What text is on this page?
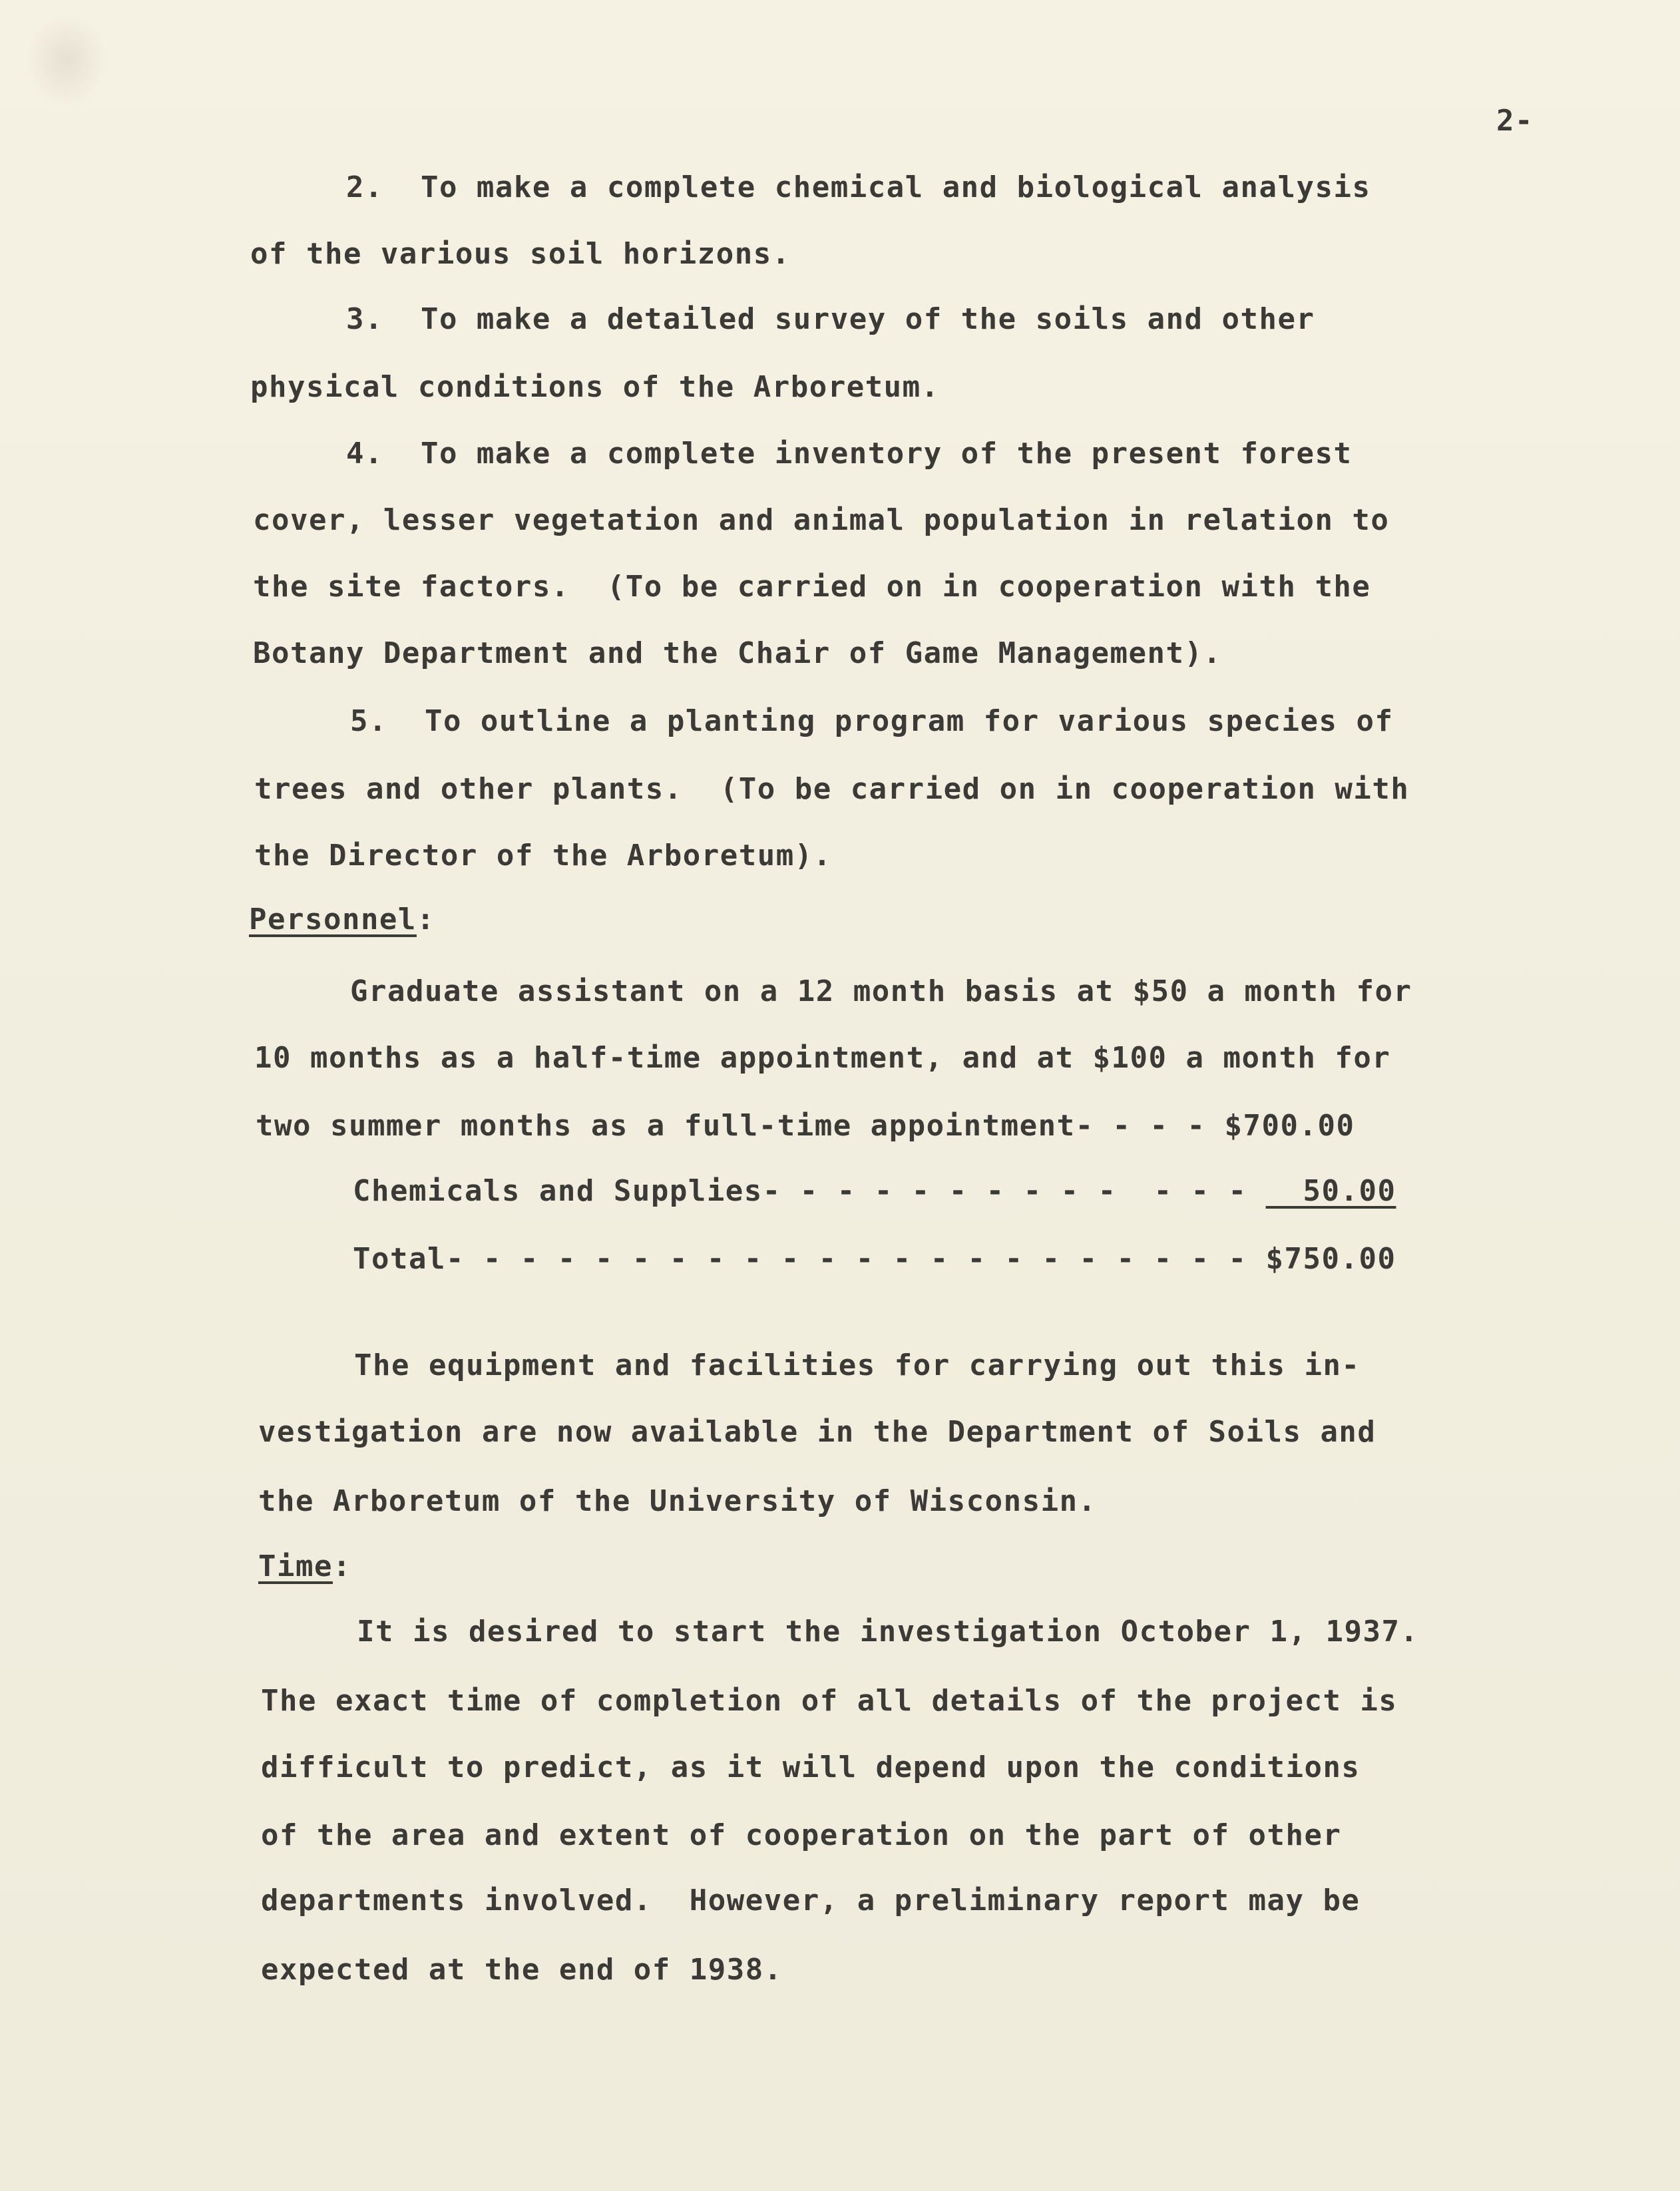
2-
2.  To make a complete chemical and biological analysis
of the various soil horizons.
3.  To make a detailed survey of the soils and other
physical conditions of the Arboretum.
4.  To make a complete inventory of the present forest
cover, lesser vegetation and animal population in relation to
the site factors.  (To be carried on in cooperation with the
Botany Department and the Chair of Game Management).
5.  To outline a planting program for various species of
trees and other plants.  (To be carried on in cooperation with
the Director of the Arboretum).
Personnel:
Graduate assistant on a 12 month basis at $50 a month for
10 months as a half-time appointment, and at $100 a month for
two summer months as a full-time appointment- - - - $700.00
Chemicals and Supplies- - - - - - - - - -  - - -   50.00
Total- - - - - - - - - - - - - - - - - - - - - - $750.00
The equipment and facilities for carrying out this in-
vestigation are now available in the Department of Soils and
the Arboretum of the University of Wisconsin.
Time:
It is desired to start the investigation October 1, 1937.
The exact time of completion of all details of the project is
difficult to predict, as it will depend upon the conditions
of the area and extent of cooperation on the part of other
departments involved.  However, a preliminary report may be
expected at the end of 1938.
